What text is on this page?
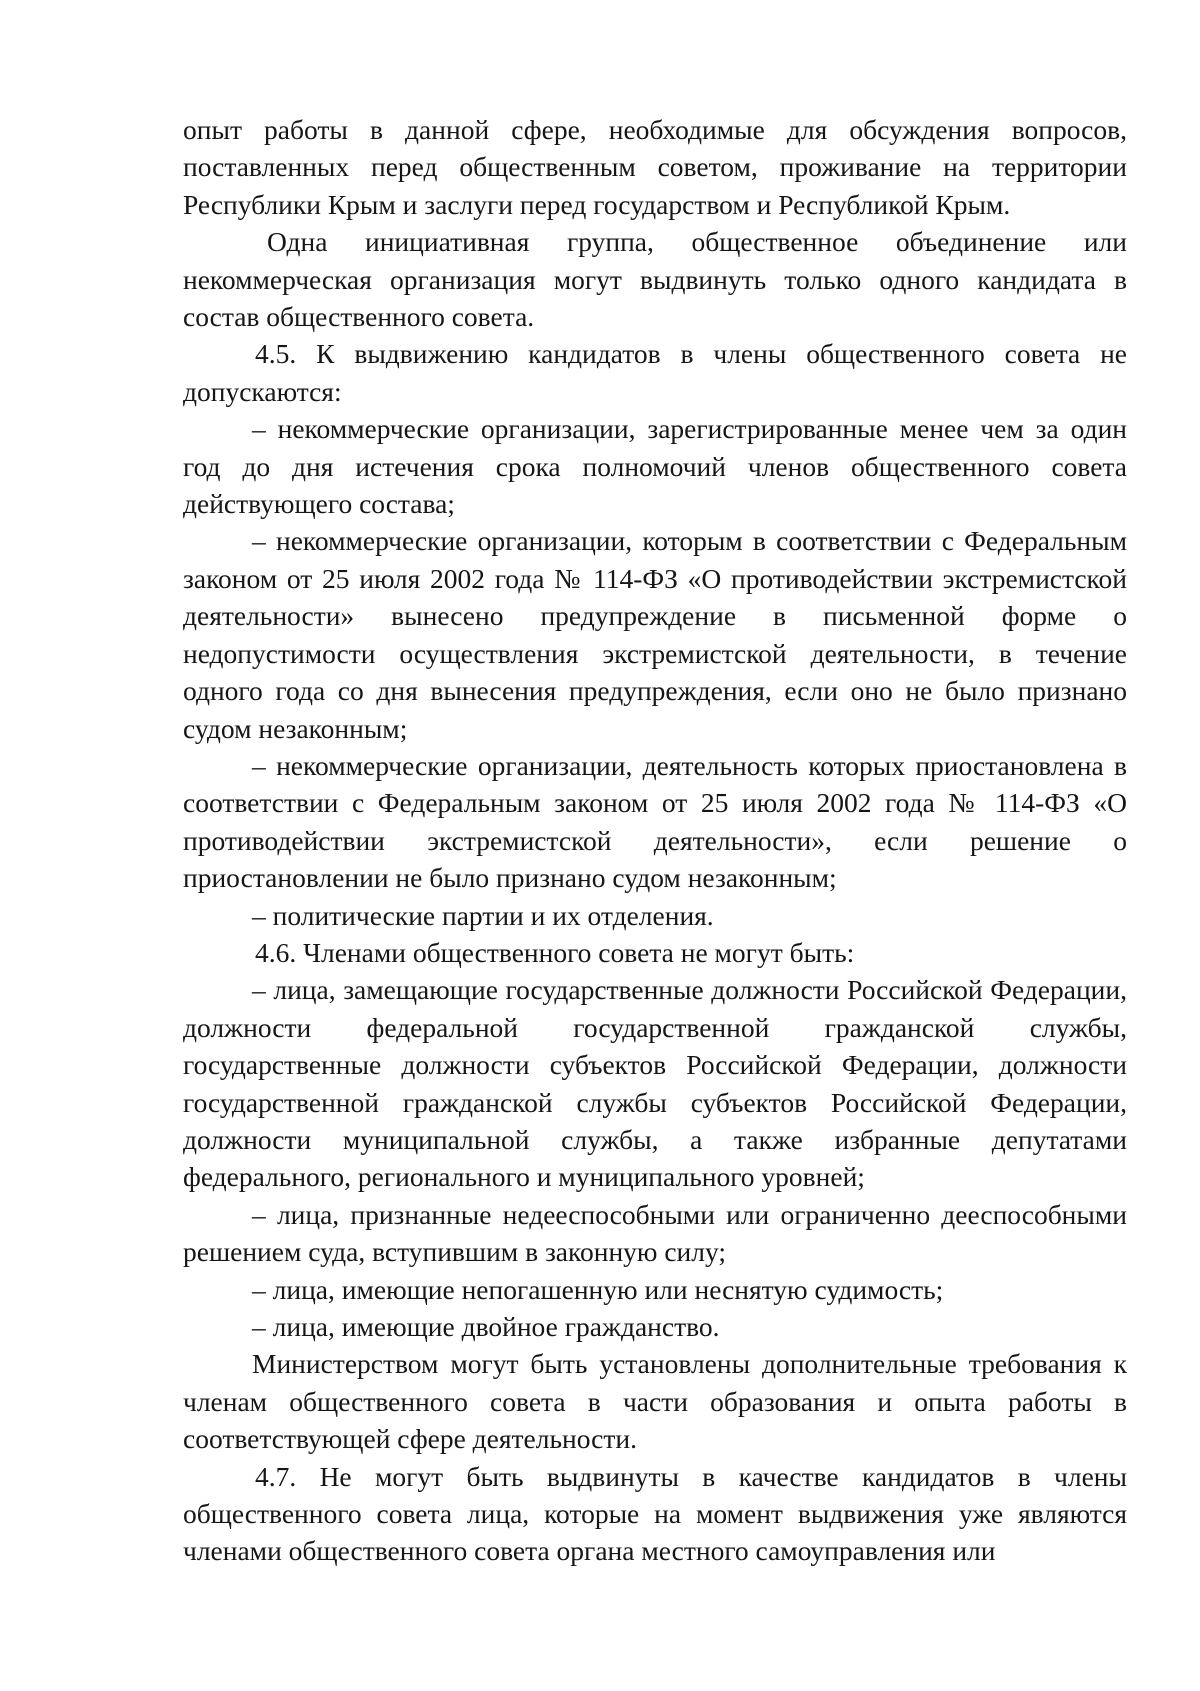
опыт работы в данной сфере, необходимые для обсуждения вопросов, поставленных перед общественным советом, проживание на территории Республики Крым и заслуги перед государством и Республикой Крым.

Одна инициативная группа, общественное объединение или некоммерческая организация могут выдвинуть только одного кандидата в состав общественного совета.

4.5. К выдвижению кандидатов в члены общественного совета не допускаются:

– некоммерческие организации, зарегистрированные менее чем за один год до дня истечения срока полномочий членов общественного совета действующего состава;

– некоммерческие организации, которым в соответствии с Федеральным законом от 25 июля 2002 года № 114-ФЗ «О противодействии экстремистской деятельности» вынесено предупреждение в письменной форме о недопустимости осуществления экстремистской деятельности, в течение одного года со дня вынесения предупреждения, если оно не было признано судом незаконным;

– некоммерческие организации, деятельность которых приостановлена в соответствии с Федеральным законом от 25 июля 2002 года № 114-ФЗ «О противодействии экстремистской деятельности», если решение о приостановлении не было признано судом незаконным;

– политические партии и их отделения.

4.6. Членами общественного совета не могут быть:

– лица, замещающие государственные должности Российской Федерации, должности федеральной государственной гражданской службы, государственные должности субъектов Российской Федерации, должности государственной гражданской службы субъектов Российской Федерации, должности муниципальной службы, а также избранные депутатами федерального, регионального и муниципального уровней;

– лица, признанные недееспособными или ограниченно дееспособными решением суда, вступившим в законную силу;

– лица, имеющие непогашенную или неснятую судимость;

– лица, имеющие двойное гражданство.

Министерством могут быть установлены дополнительные требования к членам общественного совета в части образования и опыта работы в соответствующей сфере деятельности.

4.7. Не могут быть выдвинуты в качестве кандидатов в члены общественного совета лица, которые на момент выдвижения уже являются членами общественного совета органа местного самоуправления или
